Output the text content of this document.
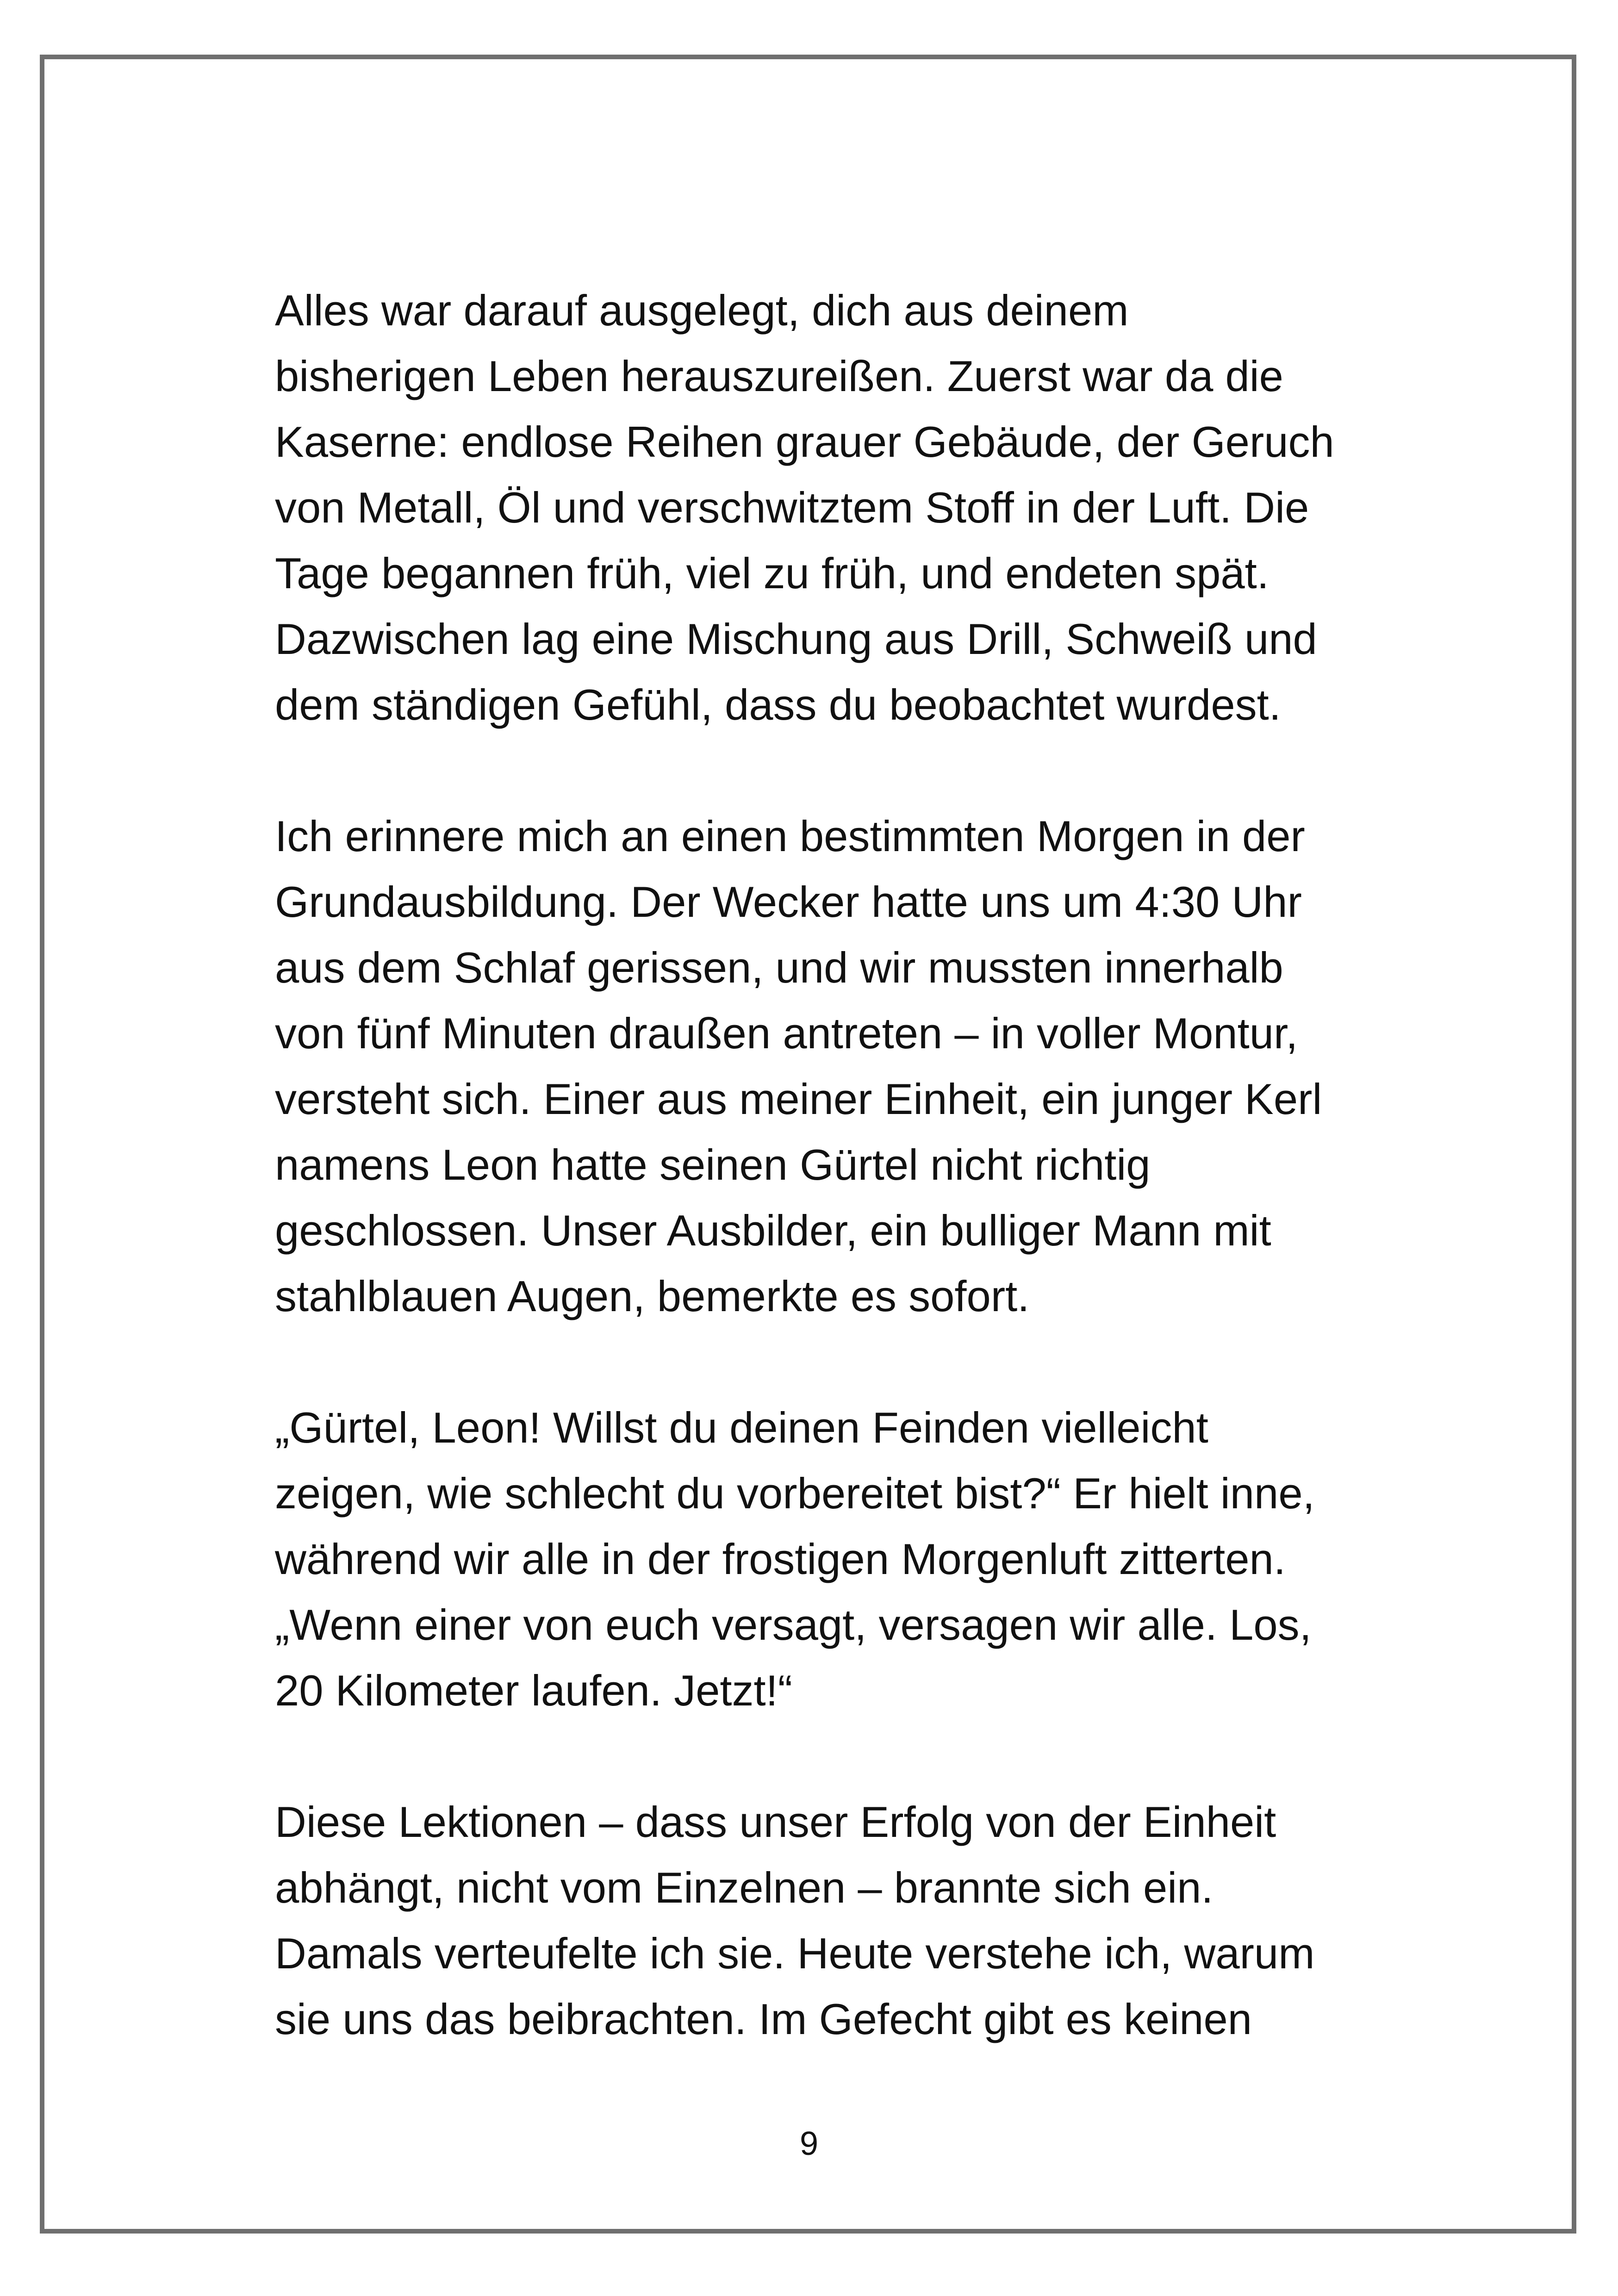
Alles war darauf ausgelegt, dich aus deinem
bisherigen Leben herauszureißen. Zuerst war da die
Kaserne: endlose Reihen grauer Gebäude, der Geruch
von Metall, Öl und verschwitztem Stoff in der Luft. Die
Tage begannen früh, viel zu früh, und endeten spät.
Dazwischen lag eine Mischung aus Drill, Schweiß und
dem ständigen Gefühl, dass du beobachtet wurdest.
Ich erinnere mich an einen bestimmten Morgen in der
Grundausbildung. Der Wecker hatte uns um 4:30 Uhr
aus dem Schlaf gerissen, und wir mussten innerhalb
von fünf Minuten draußen antreten – in voller Montur,
versteht sich. Einer aus meiner Einheit, ein junger Kerl
namens Leon hatte seinen Gürtel nicht richtig
geschlossen. Unser Ausbilder, ein bulliger Mann mit
stahlblauen Augen, bemerkte es sofort.
„Gürtel, Leon! Willst du deinen Feinden vielleicht
zeigen, wie schlecht du vorbereitet bist?“ Er hielt inne,
während wir alle in der frostigen Morgenluft zitterten.
„Wenn einer von euch versagt, versagen wir alle. Los,
20 Kilometer laufen. Jetzt!“
Diese Lektionen – dass unser Erfolg von der Einheit
abhängt, nicht vom Einzelnen – brannte sich ein.
Damals verteufelte ich sie. Heute verstehe ich, warum
sie uns das beibrachten. Im Gefecht gibt es keinen
9
